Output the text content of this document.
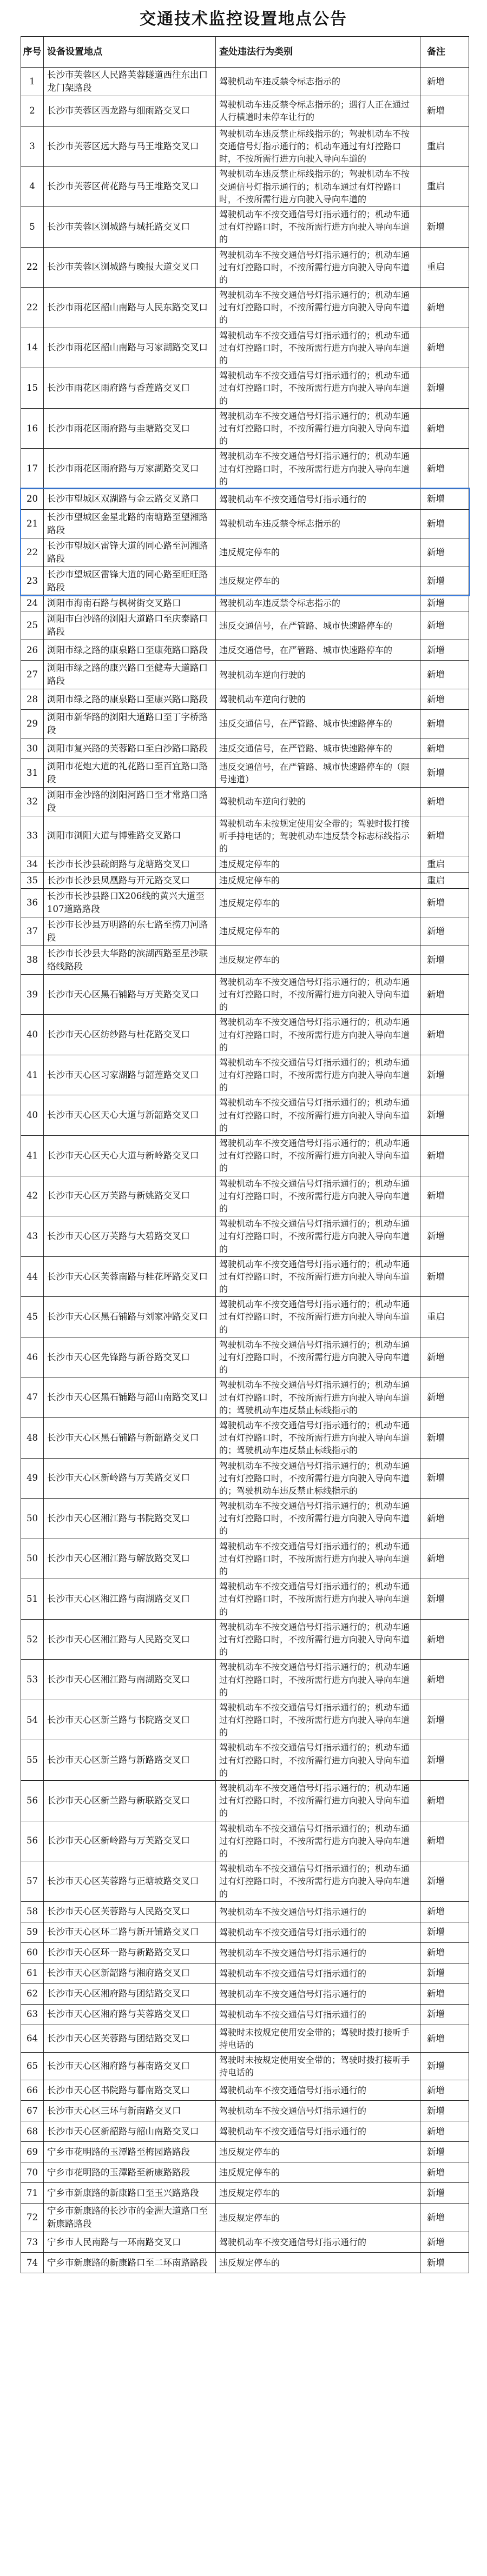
交通技术监控设置地点公告
序号	设备设置地点	查处违法行为类别	备注
1	长沙市芙蓉区人民路芙蓉隧道西往东出口龙门架路段	驾驶机动车违反禁令标志指示的	新增
2	长沙市芙蓉区西龙路与细雨路交叉口	驾驶机动车违反禁令标志指示的；遇行人正在通过人行横道时未停车让行的	新增
3	长沙市芙蓉区远大路与马王堆路交叉口	驾驶机动车违反禁止标线指示的；驾驶机动车不按交通信号灯指示通行的；机动车通过有灯控路口时，不按所需行进方向驶入导向车道的	重启
4	长沙市芙蓉区荷花路与马王堆路交叉口	驾驶机动车违反禁止标线指示的；驾驶机动车不按交通信号灯指示通行的；机动车通过有灯控路口时，不按所需行进方向驶入导向车道的	重启
5	长沙市芙蓉区浏城路与城托路交叉口	驾驶机动车不按交通信号灯指示通行的；机动车通过有灯控路口时，不按所需行进方向驶入导向车道的	新增
22	长沙市芙蓉区浏城路与晚报大道交叉口	驾驶机动车不按交通信号灯指示通行的；机动车通过有灯控路口时，不按所需行进方向驶入导向车道的	重启
22	长沙市雨花区韶山南路与人民东路交叉口	驾驶机动车不按交通信号灯指示通行的；机动车通过有灯控路口时，不按所需行进方向驶入导向车道的	新增
14	长沙市雨花区韶山南路与习家湖路交叉口	驾驶机动车不按交通信号灯指示通行的；机动车通过有灯控路口时，不按所需行进方向驶入导向车道的	新增
15	长沙市雨花区雨府路与香莲路交叉口	驾驶机动车不按交通信号灯指示通行的；机动车通过有灯控路口时，不按所需行进方向驶入导向车道的	新增
16	长沙市雨花区雨府路与圭塘路交叉口	驾驶机动车不按交通信号灯指示通行的；机动车通过有灯控路口时，不按所需行进方向驶入导向车道的	新增
17	长沙市雨花区雨府路与万家湖路交叉口	驾驶机动车不按交通信号灯指示通行的；机动车通过有灯控路口时，不按所需行进方向驶入导向车道的	新增
20	长沙市望城区双湖路与金云路交叉路口	驾驶机动车不按交通信号灯指示通行的	新增
21	长沙市望城区金星北路的南塘路至望湘路路段	驾驶机动车违反禁令标志指示的	新增
22	长沙市望城区雷锋大道的同心路至河湘路路段	违反规定停车的	新增
23	长沙市望城区雷锋大道的同心路至旺旺路路段	违反规定停车的	新增
24	浏阳市海南石路与枫树街交叉路口	驾驶机动车违反禁令标志指示的	新增
25	浏阳市白沙路的浏阳大道路口至庆泰路口路段	违反交通信号，在严管路、城市快速路停车的	新增
26	浏阳市绿之路的康泉路口至康苑路口路段	违反交通信号，在严管路、城市快速路停车的	新增
27	浏阳市绿之路的康兴路口至健寿大道路口路段	驾驶机动车逆向行驶的	新增
28	浏阳市绿之路的康泉路口至康兴路口路段	驾驶机动车逆向行驶的	新增
29	浏阳市新华路的浏阳大道路口至丁字桥路段	违反交通信号，在严管路、城市快速路停车的	新增
30	浏阳市复兴路的芙蓉路口至白沙路口路段	违反交通信号，在严管路、城市快速路停车的	新增
31	浏阳市花炮大道的礼花路口至百宜路口路段	违反交通信号，在严管路、城市快速路停车的（限号速道）	新增
32	浏阳市金沙路的浏阳河路口至才常路口路段	驾驶机动车逆向行驶的	新增
33	浏阳市浏阳大道与博雅路交叉路口	驾驶机动车未按规定使用安全带的；驾驶时拨打接听手持电话的；驾驶机动车违反禁令标志标线指示的	新增
34	长沙市长沙县疏朗路与龙塘路交叉口	违反规定停车的	重启
35	长沙市长沙县凤凰路与开元路交叉口	违反规定停车的	重启
36	长沙市长沙县路口X206线的黄兴大道至107道路路段	违反规定停车的	新增
37	长沙市长沙县万明路的东七路至捞刀河路段	违反规定停车的	新增
38	长沙市长沙县大华路的滨湖西路至星沙联络线路段	违反规定停车的	新增
39	长沙市天心区黑石铺路与万芙路交叉口	驾驶机动车不按交通信号灯指示通行的；机动车通过有灯控路口时，不按所需行进方向驶入导向车道的	新增
40	长沙市天心区纺纱路与杜花路交叉口	驾驶机动车不按交通信号灯指示通行的；机动车通过有灯控路口时，不按所需行进方向驶入导向车道的	新增
41	长沙市天心区习家湖路与韶莲路交叉口	驾驶机动车不按交通信号灯指示通行的；机动车通过有灯控路口时，不按所需行进方向驶入导向车道的	新增
40	长沙市天心区天心大道与新韶路交叉口	驾驶机动车不按交通信号灯指示通行的；机动车通过有灯控路口时，不按所需行进方向驶入导向车道的	新增
41	长沙市天心区天心大道与新岭路交叉口	驾驶机动车不按交通信号灯指示通行的；机动车通过有灯控路口时，不按所需行进方向驶入导向车道的	新增
42	长沙市天心区万芙路与新姚路交叉口	驾驶机动车不按交通信号灯指示通行的；机动车通过有灯控路口时，不按所需行进方向驶入导向车道的	新增
43	长沙市天心区万芙路与大碧路交叉口	驾驶机动车不按交通信号灯指示通行的；机动车通过有灯控路口时，不按所需行进方向驶入导向车道的	新增
44	长沙市天心区芙蓉南路与桂花坪路交叉口	驾驶机动车不按交通信号灯指示通行的；机动车通过有灯控路口时，不按所需行进方向驶入导向车道的	新增
45	长沙市天心区黑石铺路与刘家冲路交叉口	驾驶机动车不按交通信号灯指示通行的；机动车通过有灯控路口时，不按所需行进方向驶入导向车道的	重启
46	长沙市天心区先锋路与新谷路交叉口	驾驶机动车不按交通信号灯指示通行的；机动车通过有灯控路口时，不按所需行进方向驶入导向车道的	新增
47	长沙市天心区黑石铺路与韶山南路交叉口	驾驶机动车不按交通信号灯指示通行的；机动车通过有灯控路口时，不按所需行进方向驶入导向车道的；驾驶机动车违反禁止标线指示的	新增
48	长沙市天心区黑石铺路与新韶路交叉口	驾驶机动车不按交通信号灯指示通行的；机动车通过有灯控路口时，不按所需行进方向驶入导向车道的；驾驶机动车违反禁止标线指示的	新增
49	长沙市天心区新岭路与万芙路交叉口	驾驶机动车不按交通信号灯指示通行的；机动车通过有灯控路口时，不按所需行进方向驶入导向车道的；驾驶机动车违反禁止标线指示的	新增
50	长沙市天心区湘江路与书院路交叉口	驾驶机动车不按交通信号灯指示通行的；机动车通过有灯控路口时，不按所需行进方向驶入导向车道的	新增
50	长沙市天心区湘江路与解放路交叉口	驾驶机动车不按交通信号灯指示通行的；机动车通过有灯控路口时，不按所需行进方向驶入导向车道的	新增
51	长沙市天心区湘江路与南湖路交叉口	驾驶机动车不按交通信号灯指示通行的；机动车通过有灯控路口时，不按所需行进方向驶入导向车道的	新增
52	长沙市天心区湘江路与人民路交叉口	驾驶机动车不按交通信号灯指示通行的；机动车通过有灯控路口时，不按所需行进方向驶入导向车道的	新增
53	长沙市天心区湘江路与南湖路交叉口	驾驶机动车不按交通信号灯指示通行的；机动车通过有灯控路口时，不按所需行进方向驶入导向车道的	新增
54	长沙市天心区新兰路与书院路交叉口	驾驶机动车不按交通信号灯指示通行的；机动车通过有灯控路口时，不按所需行进方向驶入导向车道的	新增
55	长沙市天心区新兰路与新路路交叉口	驾驶机动车不按交通信号灯指示通行的；机动车通过有灯控路口时，不按所需行进方向驶入导向车道的	新增
56	长沙市天心区新兰路与新联路交叉口	驾驶机动车不按交通信号灯指示通行的；机动车通过有灯控路口时，不按所需行进方向驶入导向车道的	新增
56	长沙市天心区新岭路与万芙路交叉口	驾驶机动车不按交通信号灯指示通行的；机动车通过有灯控路口时，不按所需行进方向驶入导向车道的	新增
57	长沙市天心区芙蓉路与正塘坡路交叉口	驾驶机动车不按交通信号灯指示通行的；机动车通过有灯控路口时，不按所需行进方向驶入导向车道的	新增
58	长沙市天心区芙蓉路与人民路交叉口	驾驶机动车不按交通信号灯指示通行的	新增
59	长沙市天心区环二路与新开铺路交叉口	驾驶机动车不按交通信号灯指示通行的	新增
60	长沙市天心区环一路与新路路交叉口	驾驶机动车不按交通信号灯指示通行的	新增
61	长沙市天心区新韶路与湘府路交叉口	驾驶机动车不按交通信号灯指示通行的	新增
62	长沙市天心区湘府路与团结路交叉口	驾驶机动车不按交通信号灯指示通行的	新增
63	长沙市天心区湘府路与芙蓉路交叉口	驾驶机动车不按交通信号灯指示通行的	新增
64	长沙市天心区芙蓉路与团结路交叉口	驾驶时未按规定使用安全带的；驾驶时拨打接听手持电话的	新增
65	长沙市天心区湘府路与暮南路交叉口	驾驶时未按规定使用安全带的；驾驶时拨打接听手持电话的	新增
66	长沙市天心区书院路与暮南路交叉口	驾驶机动车不按交通信号灯指示通行的	新增
67	长沙市天心区三环与新南路交叉口	驾驶机动车不按交通信号灯指示通行的	新增
68	长沙市天心区新韶路与韶山南路交叉口	驾驶机动车不按交通信号灯指示通行的	新增
69	宁乡市花明路的玉潭路至梅园路路段	违反规定停车的	新增
70	宁乡市花明路的玉潭路至新康路路段	违反规定停车的	新增
71	宁乡市新康路的新康路口至玉兴路路段	违反规定停车的	新增
72	宁乡市新康路的长沙市的金洲大道路口至新康路路段	违反规定停车的	新增
73	宁乡市人民南路与一环南路交叉口	驾驶机动车不按交通信号灯指示通行的	新增
74	宁乡市新康路的新康路口至二环南路路段	违反规定停车的	新增
